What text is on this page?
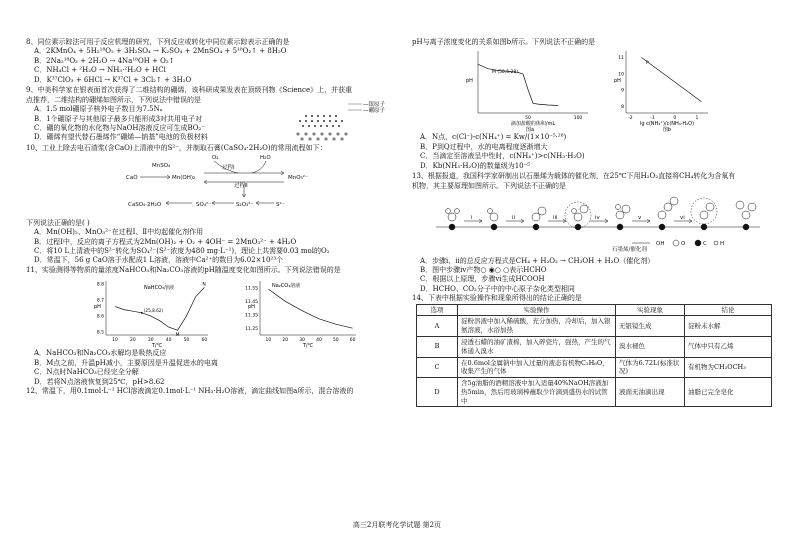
8、同位素示踪法可用于反应机理的研究，下列反应或转化中同位素示踪表示正确的是
A．2KMnO₄ + 5H₂¹⁸O₂ + 3H₂SO₄ → K₂SO₄ + 2MnSO₄ + 5¹⁸O₂↑ + 8H₂O
B．2Na₂¹⁸O₂ + 2H₂O → 4Na¹⁸OH + O₂↑
C．NH₄Cl + ²H₂O → NH₃·²H₂O + HCl
D．K³⁷ClO₃ + 6HCl → K³⁷Cl + 3Cl₂↑ + 3H₂O
9、中美科学家在银表面首次获得了二维结构的硼烯，该科研成果发表在顶级刊物《Science》上，并获重
点推荐，二维结构的硼烯如图所示，下列说法中错误的是
A．1.5 mol硼原子核外电子数目为7.5Nₐ
B．1个硼原子与其他原子最多只能形成3对共用电子对
C．硼的氧化物的水化物与NaOH溶液反应可生成BO₂⁻
D．硼烯有望代替石墨烯作“硼烯—钠基”电池的负极材料
—银原子
—硼原子
10、工业上除去电石渣浆(含CaO)上清液中的S²⁻，并制取石膏(CaSO₄·2H₂O)的常用流程如下：
MnSO₄
CaO
O₂
过程Ⅰ
H₂O
Mn(OH)₂	MnO₃²⁻
过程Ⅱ
CaSO₄·2H₂O	SO₄²⁻	S₂O₃²⁻	S²⁻
下列说法正确的是( )
A．Mn(OH)₂、MnO₃²⁻在过程Ⅰ、Ⅱ中均起催化剂作用
B．过程Ⅰ中，反应的离子方程式为2Mn(OH)₂ + O₂ + 4OH⁻ = 2MnO₃²⁻ + 4H₂O
C．将10 L上清液中的S²⁻转化为SO₄²⁻(S²⁻浓度为480 mg·L⁻¹)，理论上共需要0.03 mol的O₂
D．常温下，56 g CaO溶于水配成1 L溶液，溶液中Ca²⁺的数目为6.02×10²³个
11、实验测得等物质的量浓度NaHCO₃和Na₂CO₃溶液的pH随温度变化如图所示。下列说法错误的是
10	20	30	40	50	60
8.5
8.6
8.7
8.8
pH
T/℃
NaHCO₃溶液
(25,8.62)
M
N
10 20 30 40 50 60
11.25
11.35
11.45
11.55
pH
T/℃
Na₂CO₃溶液
A．NaHCO₃和Na₂CO₃水解均是吸热反应
B．M点之前，升温pH减小，主要原因是升温促进水的电离
C．N点时NaHCO₃已经完全分解
D．若将N点溶液恢复到25℃，pH>8.62
12、常温下，用0.1mol·L⁻¹ HCl溶液滴定0.1mol·L⁻¹ NH₃·H₂O溶液，滴定曲线如图a所示，混合溶液的
pH与离子浓度变化的关系如图b所示。下列说法不正确的是
50	100
pH
滴加盐酸的体积/mL
M (50,5.28)
图a
-2	-1	0	1
8
9
10
11
pH
lg c(NH₄⁺)/c(NH₃·H₂O)
P
图b
A．N点，c(Cl⁻)-c(NH₄⁺) = Kw/(1×10⁻⁵·²⁸)
B．P到Q过程中，水的电离程度逐渐增大
C．当滴定至溶液呈中性时，c(NH₄⁺)>c(NH₃·H₂O)
D．Kb(NH₃·H₂O)的数量级为10⁻⁵
13、根据报道，我国科学家研制出以石墨烯为载体的催化剂，在25℃下用H₂O₂直接将CH₄转化为含氧有
机物，其主要原理如图所示。下列说法不正确的是
i	ii	iii	iv	v	vi
石墨烯/催化剂
OH	O	C H
A．步骤i、ii的总反应方程式是CH₄ + H₂O₂ → CH₃OH + H₂O（催化剂）
B．图中步骤iv产物○ ◉○ ○表示HCHO
C．根据以上原理，步骤vi生成HCOOH
D．HCHO、CO₂分子中的中心原子杂化类型相同
14、下表中根据实验操作和现象所得出的结论正确的是
选项	实验操作	实验现象	结论
A	淀粉溶液中加入稀硫酸，充分加热，冷却后，加入银氨溶液，水浴加热	无银镜生成	淀粉未水解
B	浸透石蜡的油矿渣棉，加入碎瓷片，强热，产生的气体通入溴水	溴水褪色	气体中只有乙烯
C	在0.6mol金属钠中加入过量的液态有机物C₂H₆O，收集产生的气体	气体为6.72L(标准状况)	有机物为CH₃OCH₃
D	含5g油脂的酒精溶液中加入适量40%NaOH溶液加热5min，然后用玻璃棒蘸取少许滴到盛热水的试管中	液面无油滴出现	油脂已完全皂化
高三2月联考化学试题 第2页
